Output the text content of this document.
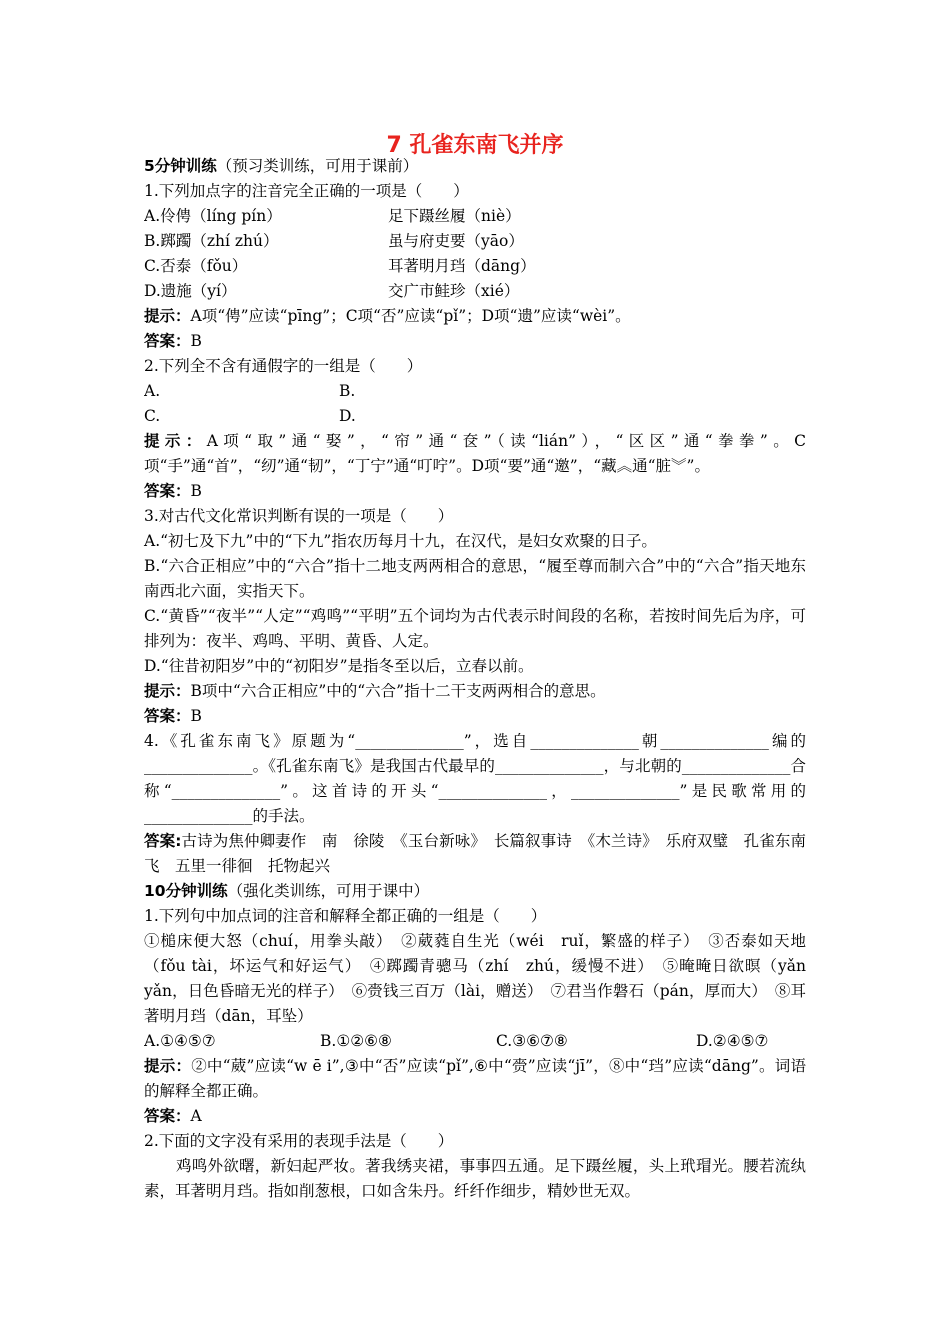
7 孔雀东南飞并序
5分钟训练（预习类训练，可用于课前）
1.下列加点字的注音完全正确的一项是（　　）
A.伶俜（líng pín）	足下蹑丝履（niè）
B.踯躅（zhí zhú）	虽与府吏要（yāo）
C.否泰（fǒu）	耳著明月珰（dāng）
D.遗施（yí）	交广市鲑珍（xié）
提示：A项“俜”应读“pīng”；C项“否”应读“pǐ”；D项“遗”应读“wèi”。
答案：B
2.下列全不含有通假字的一组是（　　）
A.	B.
C.	D.
提示：A项“取”通“娶”，“帘”通“奁”（读“lián”），“区区”通“拳拳”。C项“手”通“首”，“纫”通“韧”，“丁宁”通“叮咛”。D项“要”通“邀”，“藏︽通“脏︾”。
答案：B
3.对古代文化常识判断有误的一项是（　　）
A.“初七及下九”中的“下九”指农历每月十九，在汉代，是妇女欢聚的日子。
B.“六合正相应”中的“六合”指十二地支两两相合的意思，“履至尊而制六合”中的“六合”指天地东南西北六面，实指天下。
C.“黄昏”“夜半”“人定”“鸡鸣”“平明”五个词均为古代表示时间段的名称，若按时间先后为序，可排列为：夜半、鸡鸣、平明、黄昏、人定。
D.“往昔初阳岁”中的“初阳岁”是指冬至以后，立春以前。
提示：B项中“六合正相应”中的“六合”指十二干支两两相合的意思。
答案：B
4.《孔雀东南飞》原题为“______________”，选自______________朝______________编的______________。《孔雀东南飞》是我国古代最早的______________，与北朝的______________合称“______________”。这首诗的开头“______________，______________”是民歌常用的______________的手法。
答案:古诗为焦仲卿妻作　南　徐陵　《玉台新咏》　长篇叙事诗　《木兰诗》　乐府双璧　孔雀东南飞　五里一徘徊　托物起兴
10分钟训练（强化类训练，可用于课中）
1.下列句中加点词的注音和解释全都正确的一组是（　　）
①槌床便大怒（chuí，用拳头敲）　②葳蕤自生光（wéi　ruǐ，繁盛的样子）　③否泰如天地（fǒu tài，坏运气和好运气）　④踯躅青骢马（zhí　zhú，缓慢不进）　⑤晻晻日欲暝（yǎn yǎn，日色昏暗无光的样子）　⑥赍钱三百万（lài，赠送）　⑦君当作磐石（pán，厚而大）　⑧耳著明月珰（dān，耳坠）
A.①④⑤⑦	B.①②⑥⑧	C.③⑥⑦⑧	D.②④⑤⑦
提示：②中“葳”应读“w ē i”,③中“否”应读“pǐ”,⑥中“赍”应读“jī”，⑧中“珰”应读“dāng”。词语的解释全都正确。
答案：A
2.下面的文字没有采用的表现手法是（　　）
鸡鸣外欲曙，新妇起严妆。著我绣夹裙，事事四五通。足下蹑丝履，头上玳瑁光。腰若流纨素，耳著明月珰。指如削葱根，口如含朱丹。纤纤作细步，精妙世无双。
